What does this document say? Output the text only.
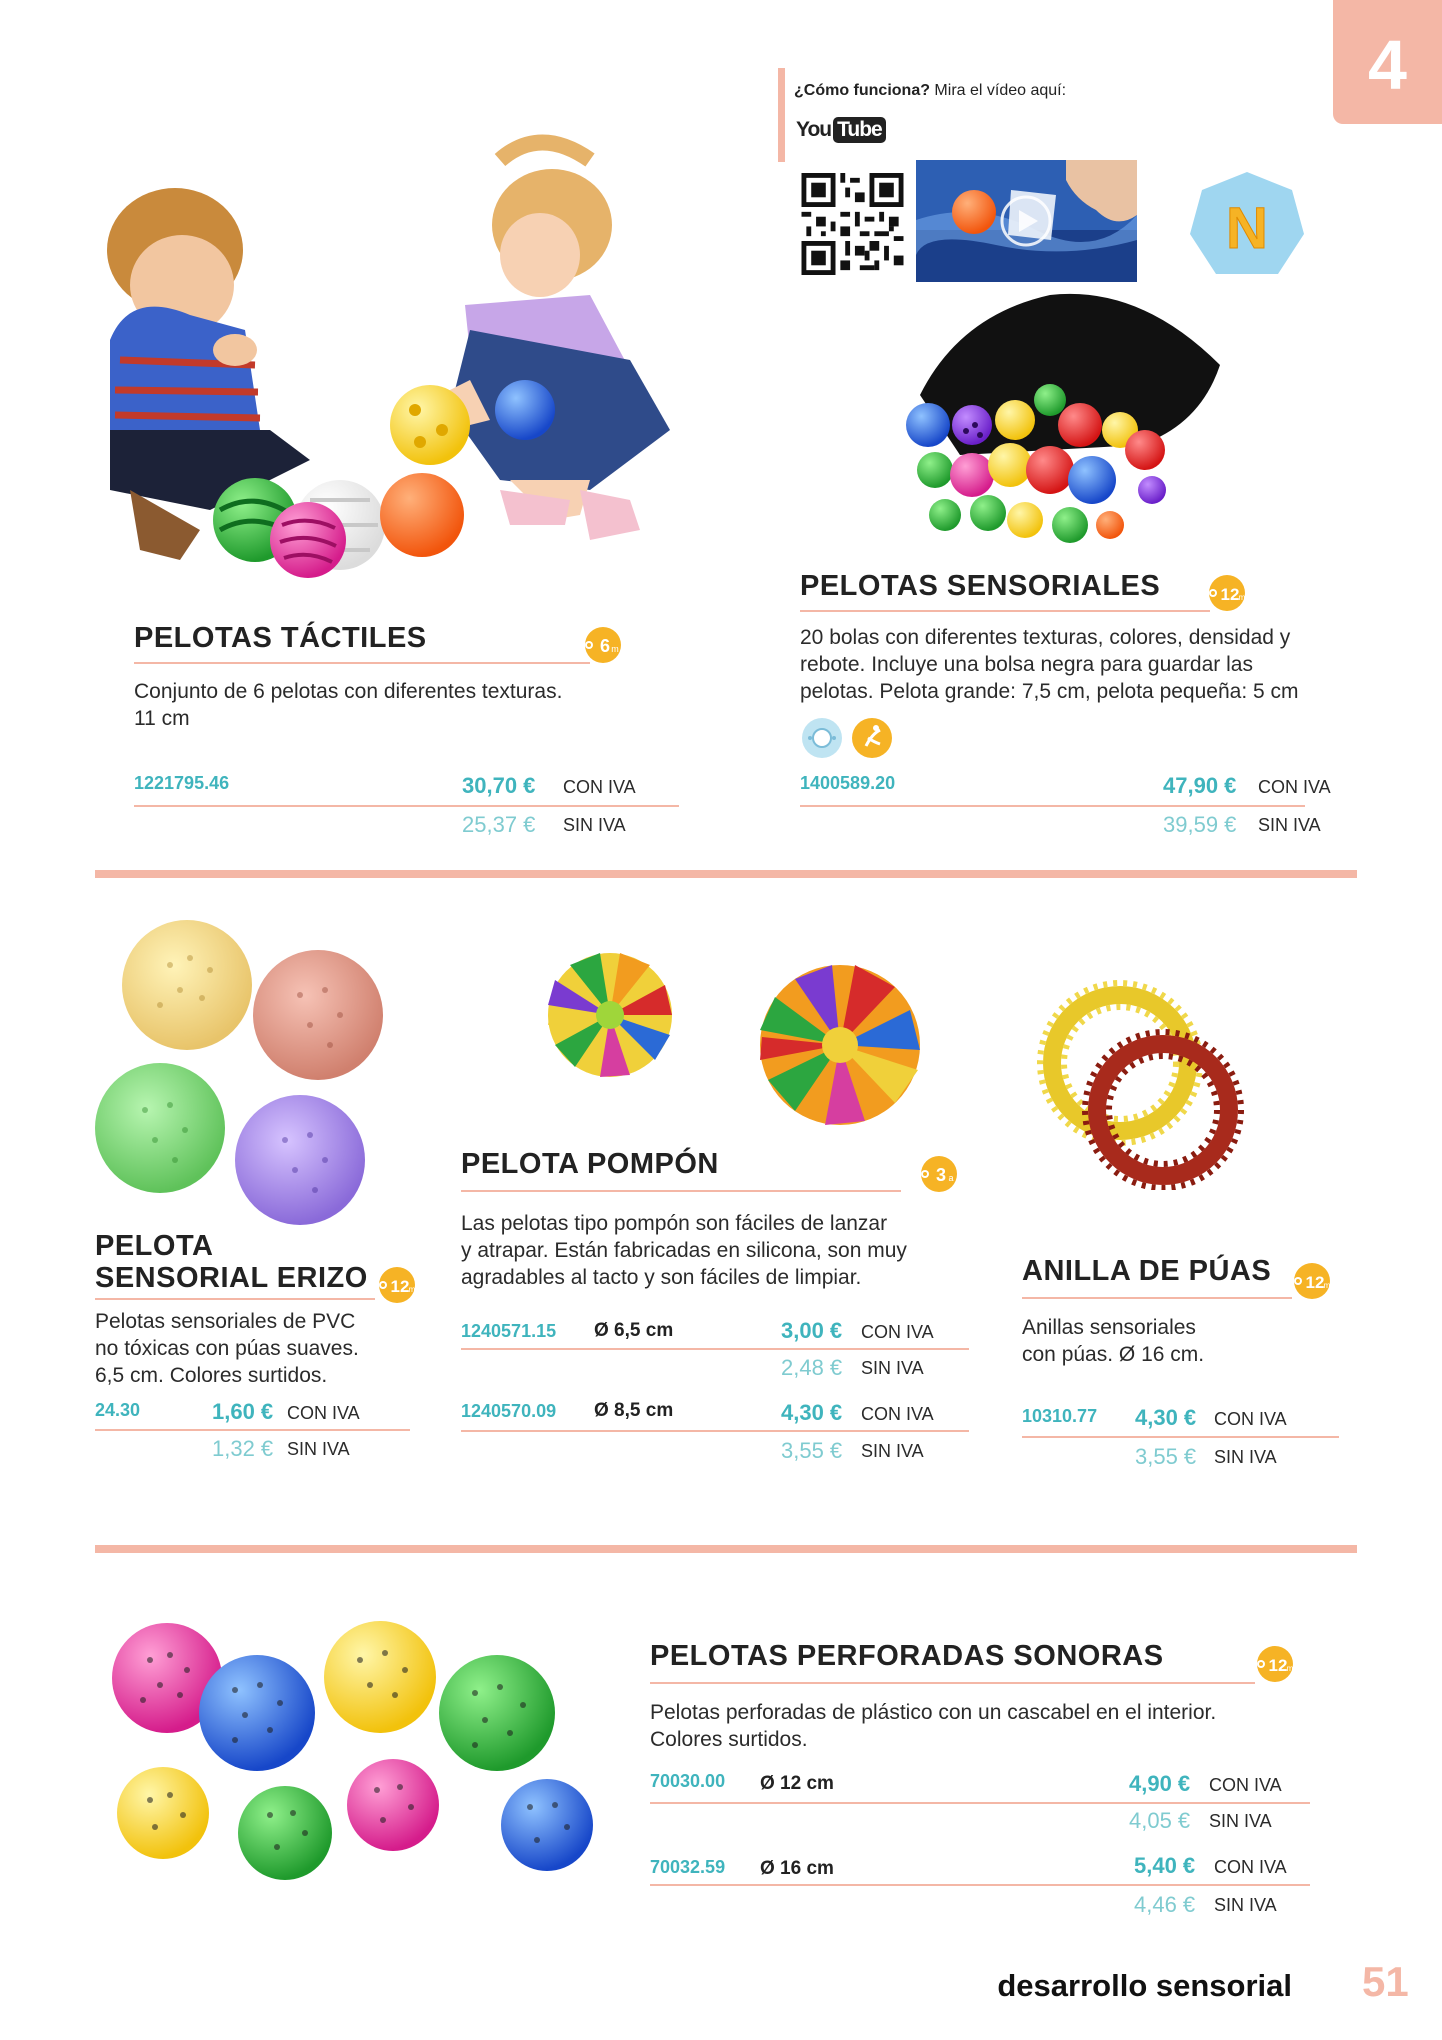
4
¿Cómo funciona? Mira el vídeo aquí:
You Tube
N
PELOTAS TÁCTILES	6 m
Conjunto de 6 pelotas con diferentes texturas.
11 cm
1221795.46	30,70 € CON IVA
25,37 € SIN IVA
PELOTAS SENSORIALES	12 m
20 bolas con diferentes texturas, colores, densidad y
rebote. Incluye una bolsa negra para guardar las
pelotas. Pelota grande: 7,5 cm, pelota pequeña: 5 cm
1400589.20	47,90 € CON IVA
39,59 € SIN IVA
PELOTA
SENSORIAL ERIZO 12 m
Pelotas sensoriales de PVC
no tóxicas con púas suaves.
6,5 cm. Colores surtidos.
24.30	1,60 € CON IVA
1,32 € SIN IVA
PELOTA POMPÓN	3 a
Las pelotas tipo pompón son fáciles de lanzar
y atrapar. Están fabricadas en silicona, son muy
agradables al tacto y son fáciles de limpiar.
1240571.15 Ø 6,5 cm	3,00 € CON IVA
2,48 € SIN IVA
1240570.09 Ø 8,5 cm	4,30 € CON IVA
3,55 € SIN IVA
ANILLA DE PÚAS 12 m
Anillas sensoriales
con púas. Ø 16 cm.
10310.77 4,30 € CON IVA
3,55 € SIN IVA
PELOTAS PERFORADAS SONORAS	12 m
Pelotas perforadas de plástico con un cascabel en el interior.
Colores surtidos.
70030.00 Ø 12 cm	4,90 € CON IVA
4,05 € SIN IVA
70032.59 Ø 16 cm	5,40 € CON IVA
4,46 € SIN IVA
desarrollo sensorial 51
